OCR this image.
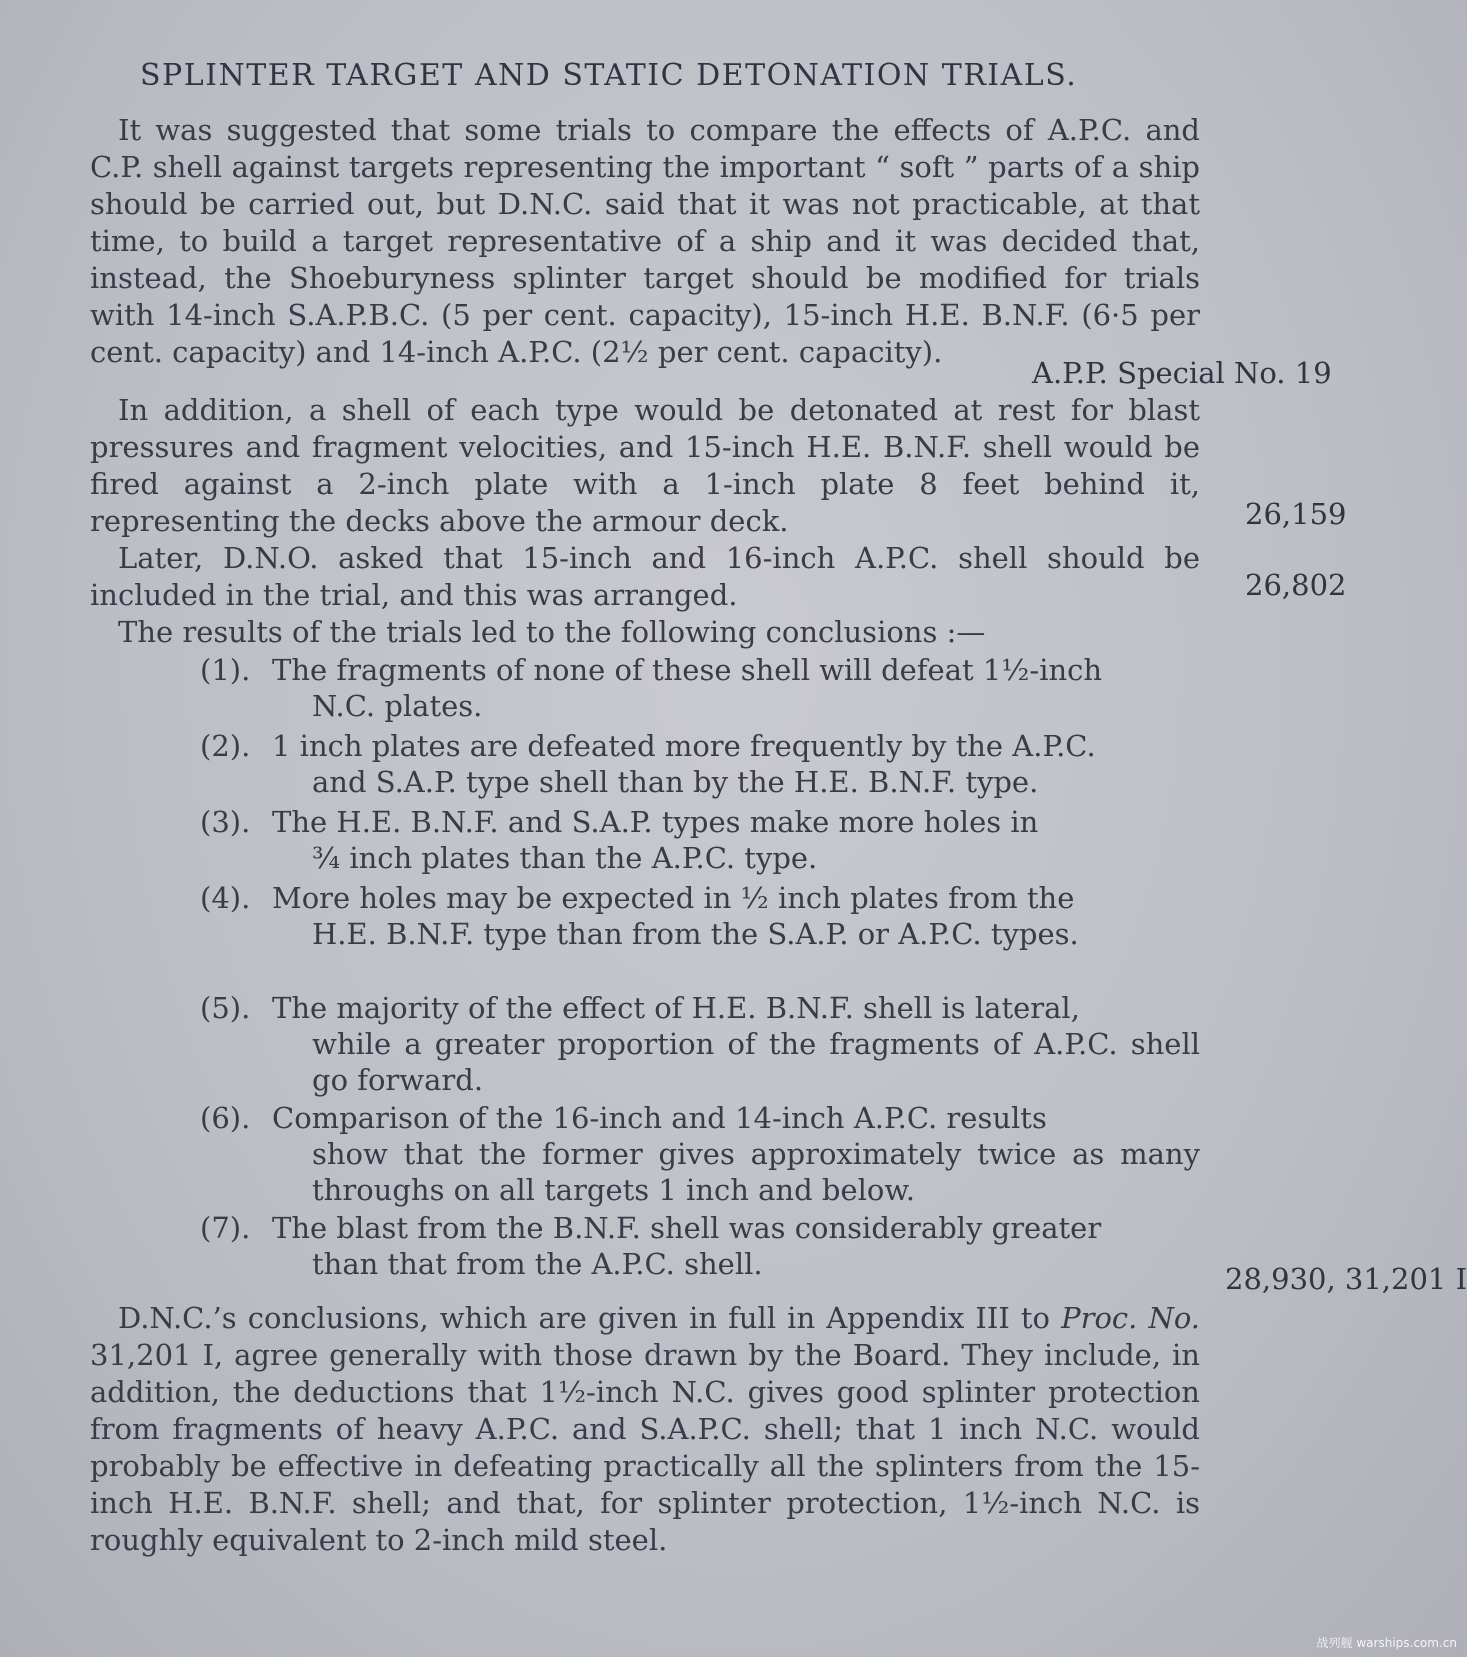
SPLINTER TARGET AND STATIC DETONATION TRIALS.
It was suggested that some trials to compare the effects of A.P.C. and C.P. shell against targets representing the important “ soft ” parts of a ship should be carried out, but D.N.C. said that it was not practicable, at that time, to build a target representative of a ship and it was decided that, instead, the Shoeburyness splinter target should be modified for trials with 14-inch S.A.P.B.C. (5 per cent. capacity), 15-inch H.E. B.N.F. (6·5 per cent. capacity) and 14-inch A.P.C. (2½ per cent. capacity).
A.P.P. Special No. 19
In addition, a shell of each type would be detonated at rest for blast pressures and fragment velocities, and 15-inch H.E. B.N.F. shell would be fired against a 2-inch plate with a 1-inch plate 8 feet behind it, representing the decks above the armour deck.	26,159
Later, D.N.O. asked that 15-inch and 16-inch A.P.C. shell should be included in the trial, and this was arranged.	26,802
The results of the trials led to the following conclusions :—
(1). The fragments of none of these shell will defeat 1½-inch
N.C. plates.
(2). 1 inch plates are defeated more frequently by the A.P.C.
and S.A.P. type shell than by the H.E. B.N.F. type.
(3). The H.E. B.N.F. and S.A.P. types make more holes in
¾ inch plates than the A.P.C. type.
(4). More holes may be expected in ½ inch plates from the
H.E. B.N.F. type than from the S.A.P. or A.P.C. types.
(5). The majority of the effect of H.E. B.N.F. shell is lateral,
while a greater proportion of the fragments of A.P.C. shell go forward.
(6). Comparison of the 16-inch and 14-inch A.P.C. results
show that the former gives approximately twice as many throughs on all targets 1 inch and below.
(7). The blast from the B.N.F. shell was considerably greater
than that from the A.P.C. shell.	28,930, 31,201 I
D.N.C.’s conclusions, which are given in full in Appendix III to Proc. No. 31,201 I, agree generally with those drawn by the Board. They include, in addition, the deductions that 1½-inch N.C. gives good splinter protection from fragments of heavy A.P.C. and S.A.P.C. shell; that 1 inch N.C. would probably be effective in defeating practically all the splinters from the 15-inch H.E. B.N.F. shell; and that, for splinter protection, 1½-inch N.C. is roughly equivalent to 2-inch mild steel.
战列舰 warships.com.cn
